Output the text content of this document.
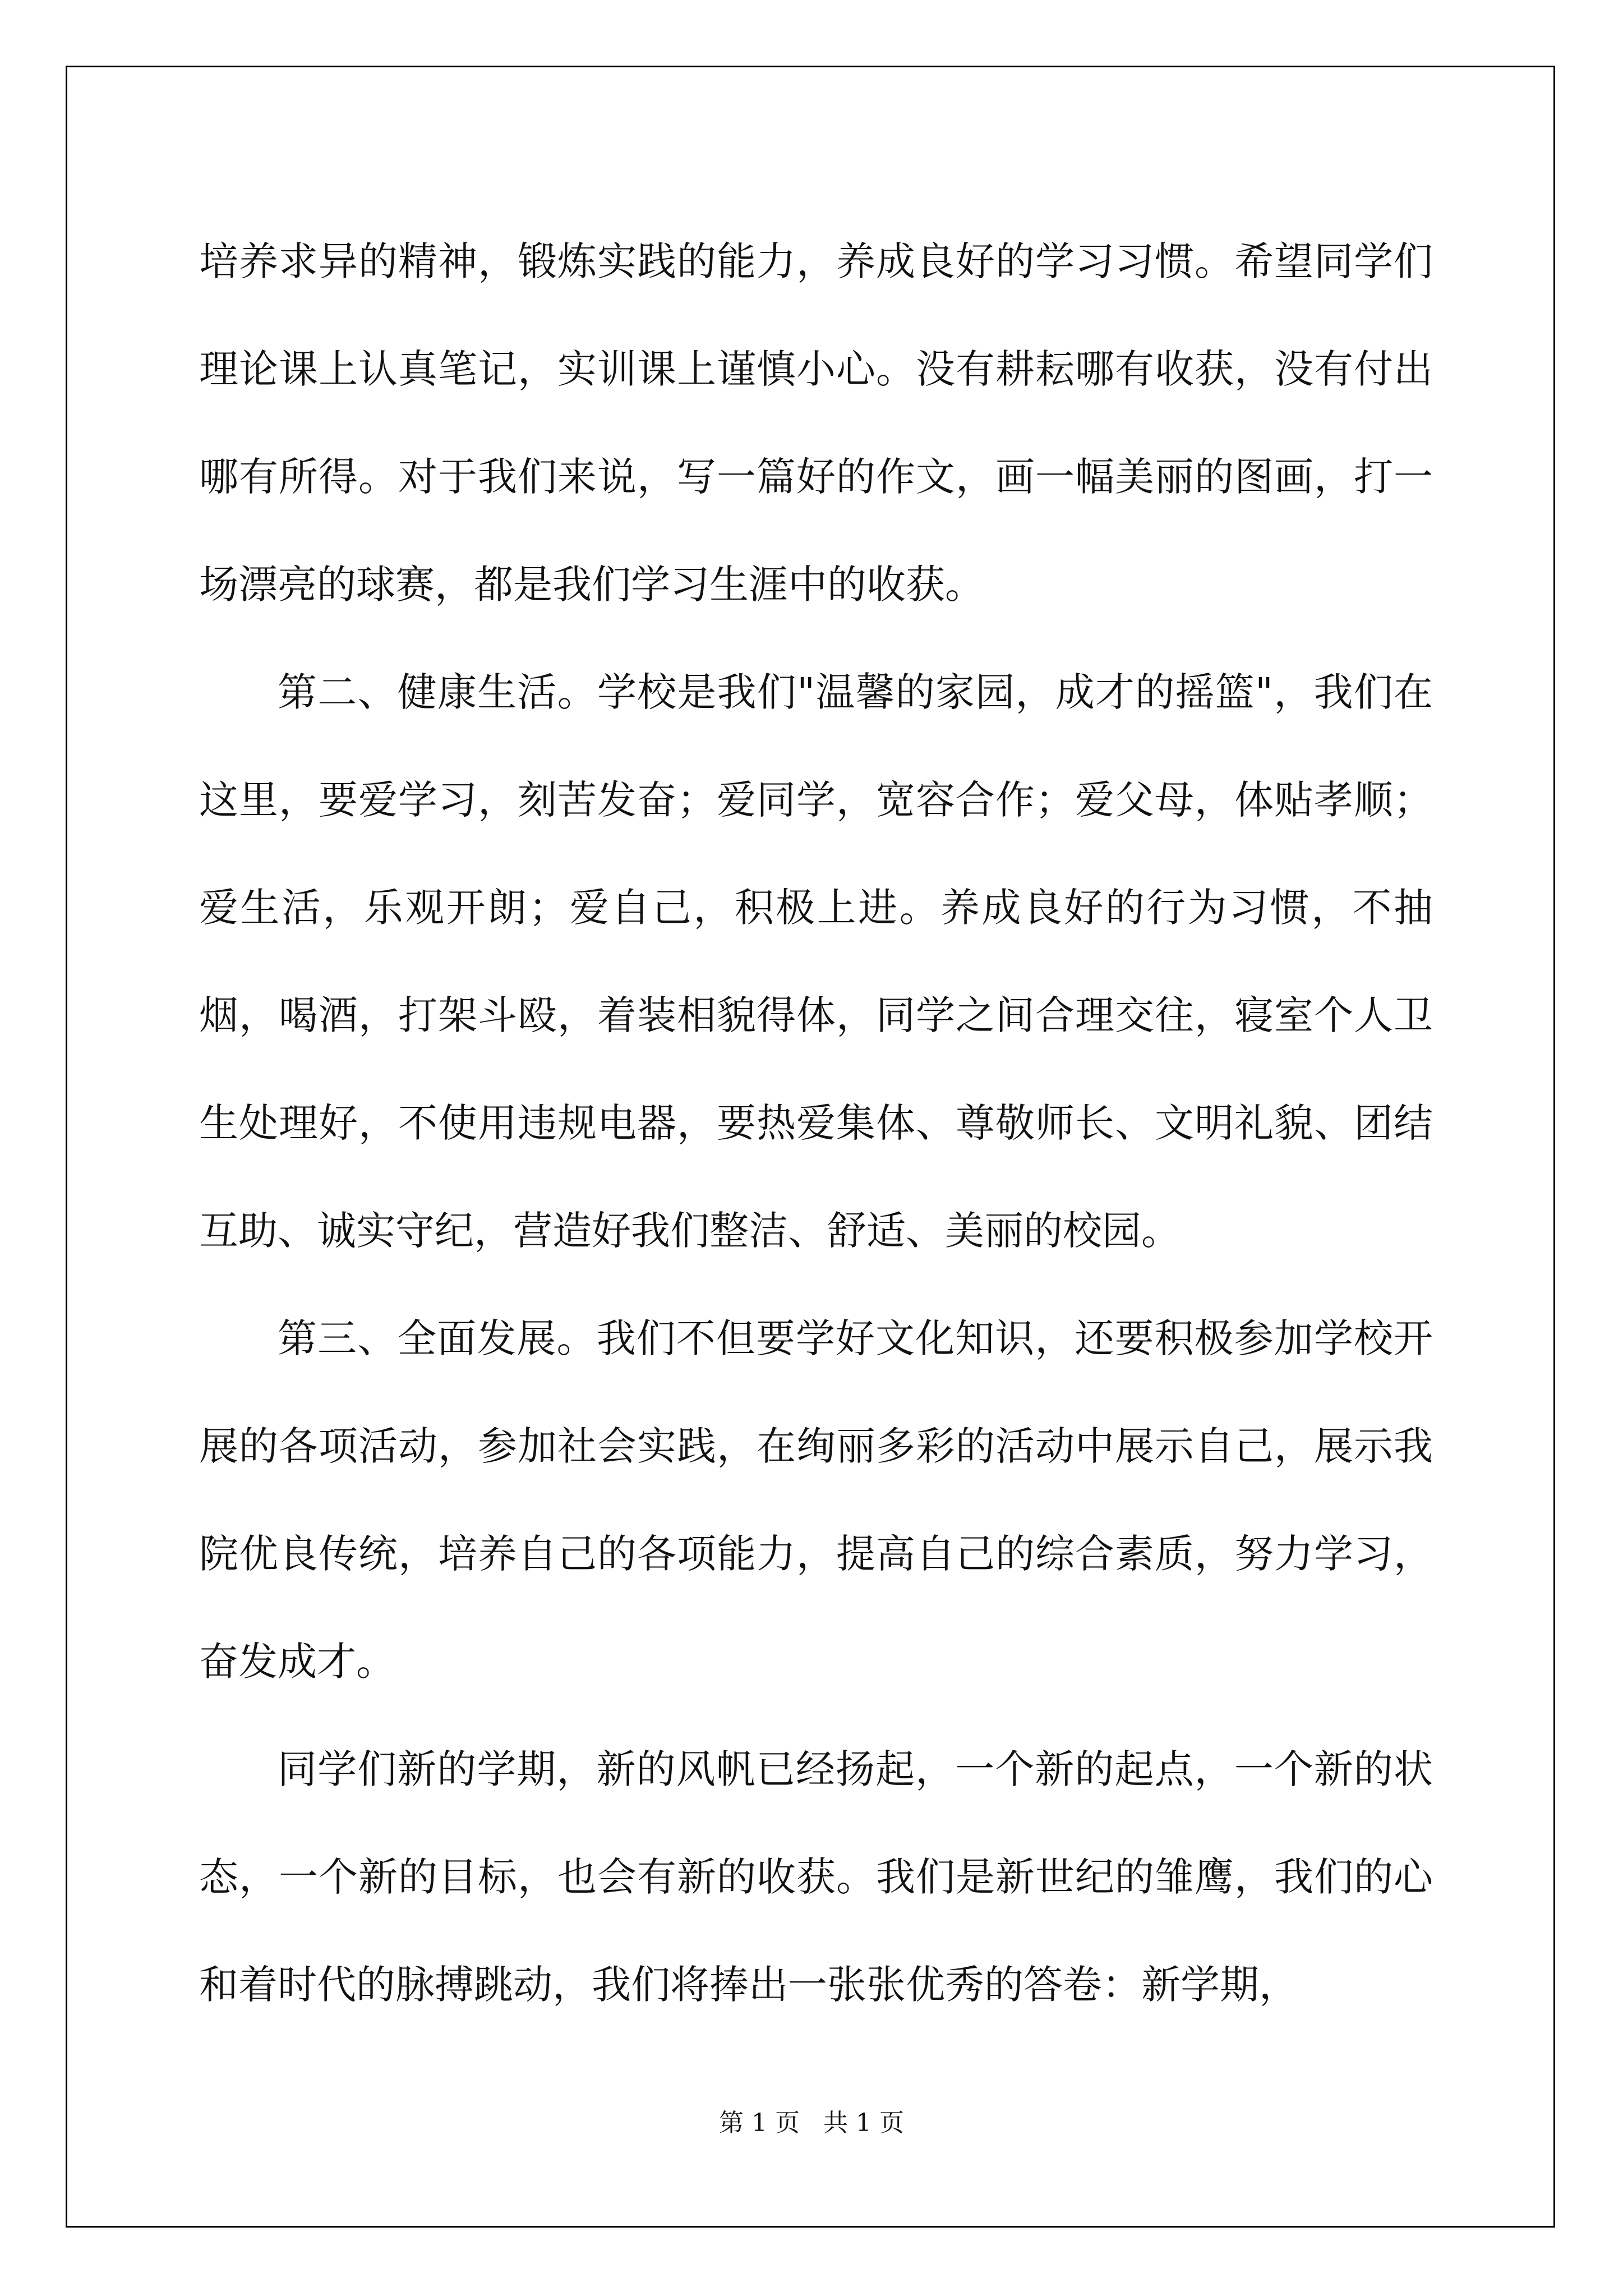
培养求异的精神，锻炼实践的能力，养成良好的学习习惯。希望同学们理论课上认真笔记，实训课上谨慎小心。没有耕耘哪有收获，没有付出哪有所得。对于我们来说，写一篇好的作文，画一幅美丽的图画，打一场漂亮的球赛，都是我们学习生涯中的收获。

第二、健康生活。学校是我们"温馨的家园，成才的摇篮"，我们在这里，要爱学习，刻苦发奋；爱同学，宽容合作；爱父母，体贴孝顺；爱生活，乐观开朗；爱自己，积极上进。养成良好的行为习惯，不抽烟，喝酒，打架斗殴，着装相貌得体，同学之间合理交往，寝室个人卫生处理好，不使用违规电器，要热爱集体、尊敬师长、文明礼貌、团结互助、诚实守纪，营造好我们整洁、舒适、美丽的校园。

第三、全面发展。我们不但要学好文化知识，还要积极参加学校开展的各项活动，参加社会实践，在绚丽多彩的活动中展示自己，展示我院优良传统，培养自己的各项能力，提高自己的综合素质，努力学习，奋发成才。

同学们新的学期，新的风帆已经扬起，一个新的起点，一个新的状态，一个新的目标，也会有新的收获。我们是新世纪的雏鹰，我们的心和着时代的脉搏跳动，我们将捧出一张张优秀的答卷：新学期，

第 1 页   共 1 页
